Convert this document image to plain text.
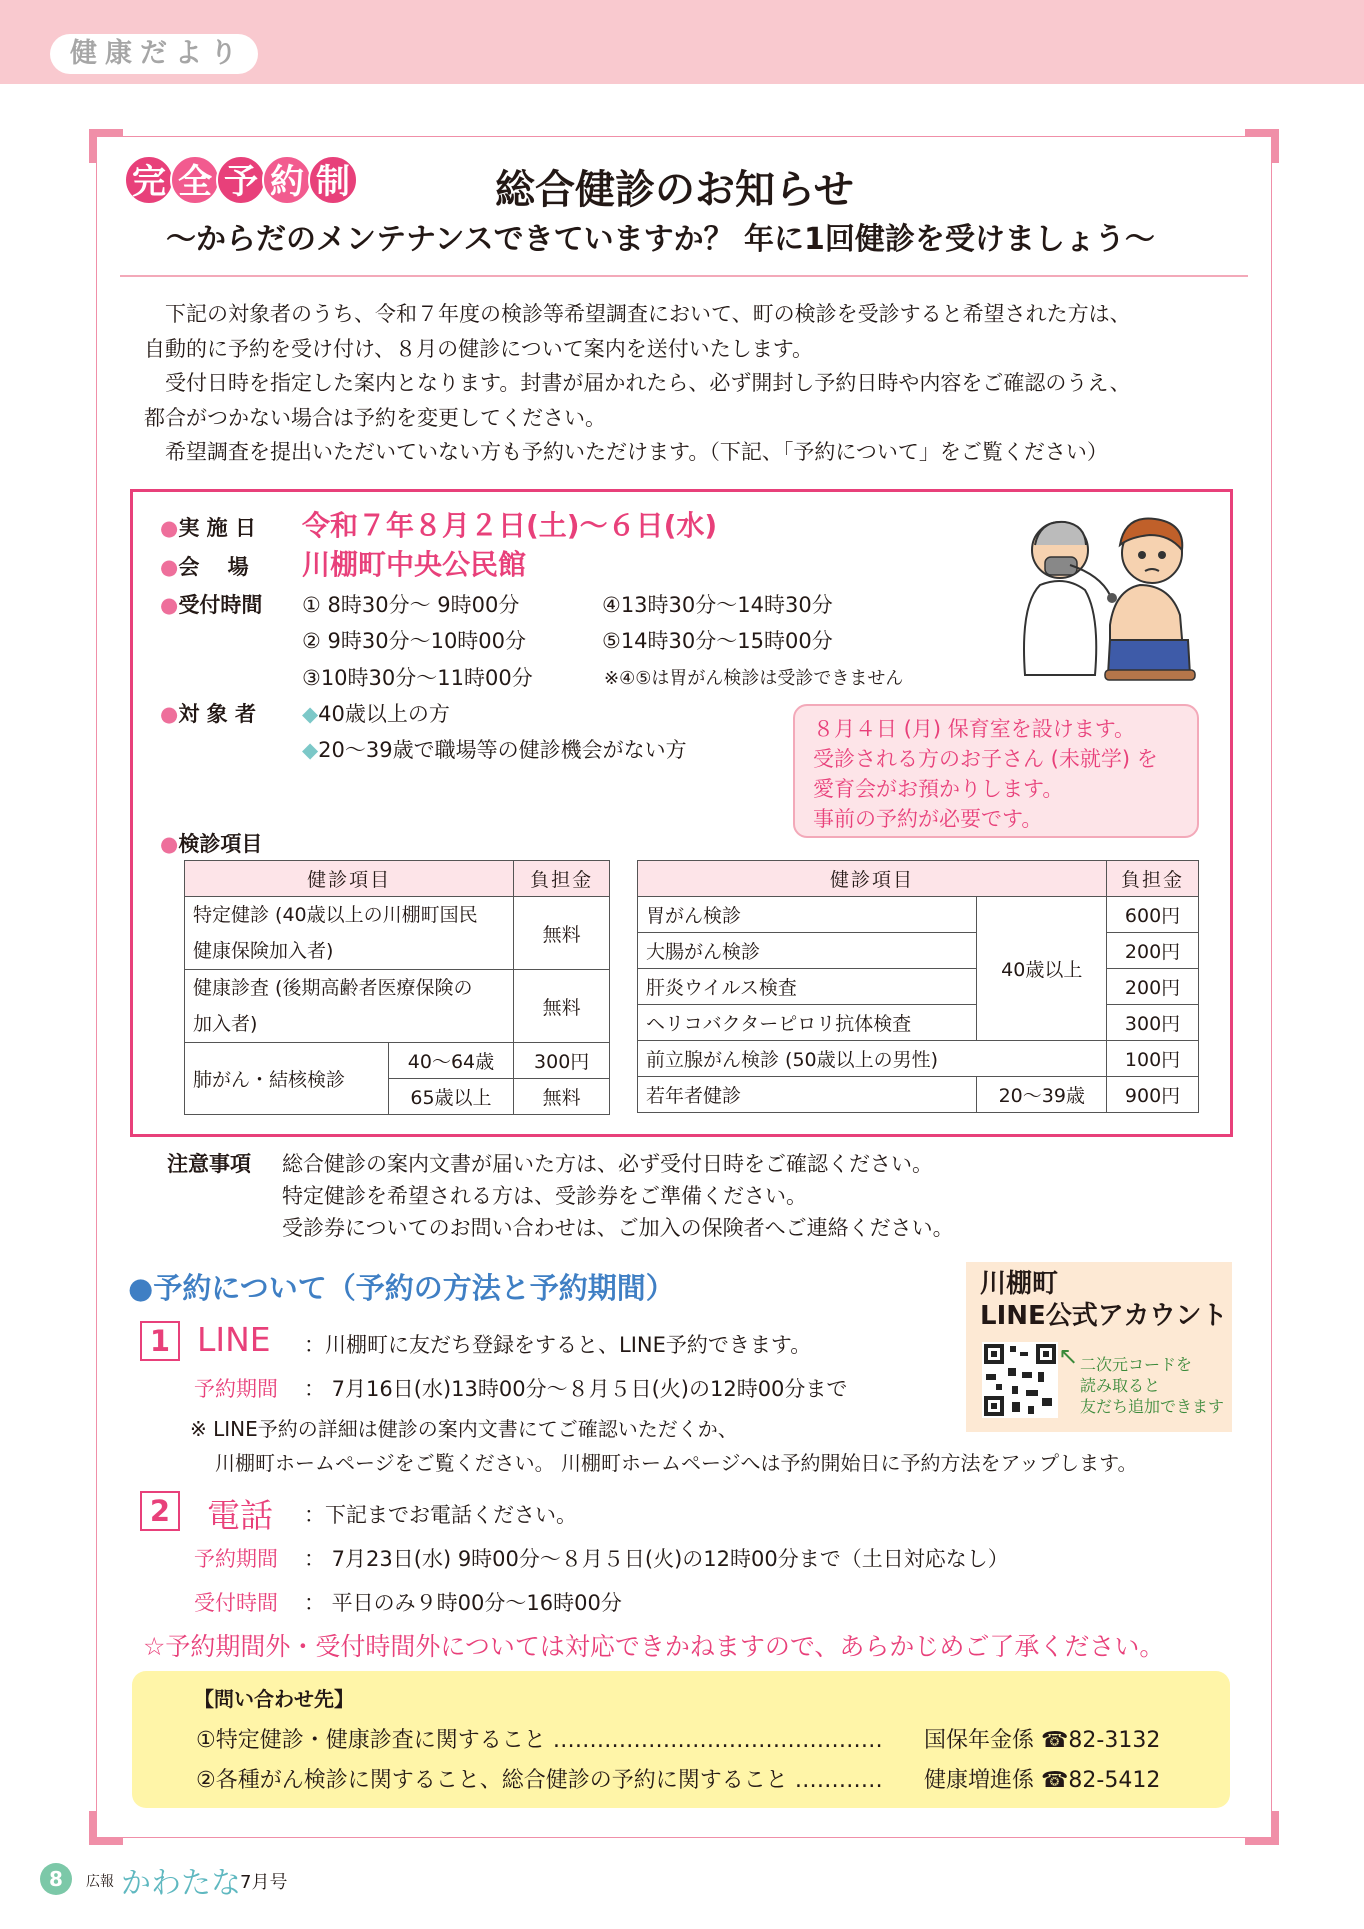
健康だより
完 全 予 約 制	総合健診のお知らせ
～からだのメンテナンスできていますか？ 年に1回健診を受けましょう～

下記の対象者のうち、令和７年度の検診等希望調査において、町の検診を受診すると希望された方は、

自動的に予約を受け付け、８月の健診について案内を送付いたします。

受付日時を指定した案内となります。封書が届かれたら、必ず開封し予約日時や内容をご確認のうえ、

都合がつかない場合は予約を変更してください。

希望調査を提出いただいていない方も予約いただけます。（下記、「予約について」をご覧ください）

●実 施 日 令和７年８月２日(土)～６日(水)
●会　 場 川棚町中央公民館
●受付時間 ① 8時30分～ 9時00分
② 9時30分～10時00分
③10時30分～11時00分
④13時30分～14時30分
⑤14時30分～15時00分
※④⑤は胃がん検診は受診できません
●対 象 者 ◆40歳以上の方
◆20～39歳で職場等の健診機会がない方
８月４日 (月) 保育室を設けます。
受診される方のお子さん (未就学) を
愛育会がお預かりします。
事前の予約が必要です。
●検診項目
健診項目		負担金

特定健診 (40歳以上の川棚町国民
健康保険加入者)		無料

健康診査 (後期高齢者医療保険の
加入者)		無料
肺がん・結核検診	40～64歳	300円
	65歳以上	無料
健診項目		負担金
胃がん検診	40歳以上	600円
大腸がん検診		200円
肝炎ウイルス検査		200円
ヘリコバクターピロリ抗体検査		300円
前立腺がん検診 (50歳以上の男性)		100円
若年者健診	20～39歳	900円
注意事項 総合健診の案内文書が届いた方は、必ず受付日時をご確認ください。
特定健診を希望される方は、受診券をご準備ください。
受診券についてのお問い合わせは、ご加入の保険者へご連絡ください。
●予約について（予約の方法と予約期間）
1 LINE ：川棚町に友だち登録をすると、LINE予約できます。
予約期間 ： 7月16日(水)13時00分～８月５日(火)の12時00分まで
※ LINE予約の詳細は健診の案内文書にてご確認いただくか、
川棚町ホームページをご覧ください。 川棚町ホームページへは予約開始日に予約方法をアップします。
川棚町
LINE公式アカウント
↖ 二次元コードを
読み取ると
友だち追加できます
2	電話 ：下記までお電話ください。
予約期間 ： 7月23日(水) 9時00分～８月５日(火)の12時00分まで（土日対応なし）
受付時間 ： 平日のみ９時00分～16時00分
☆予約期間外・受付時間外については対応できかねますので、あらかじめご了承ください。
【問い合わせ先】
①特定健診・健康診査に関すること ……………………………………… 国保年金係 ☎82-3132
②各種がん検診に関すること、総合健診の予約に関すること ………… 健康増進係 ☎82-5412
8	広報 かわたな 7月号
